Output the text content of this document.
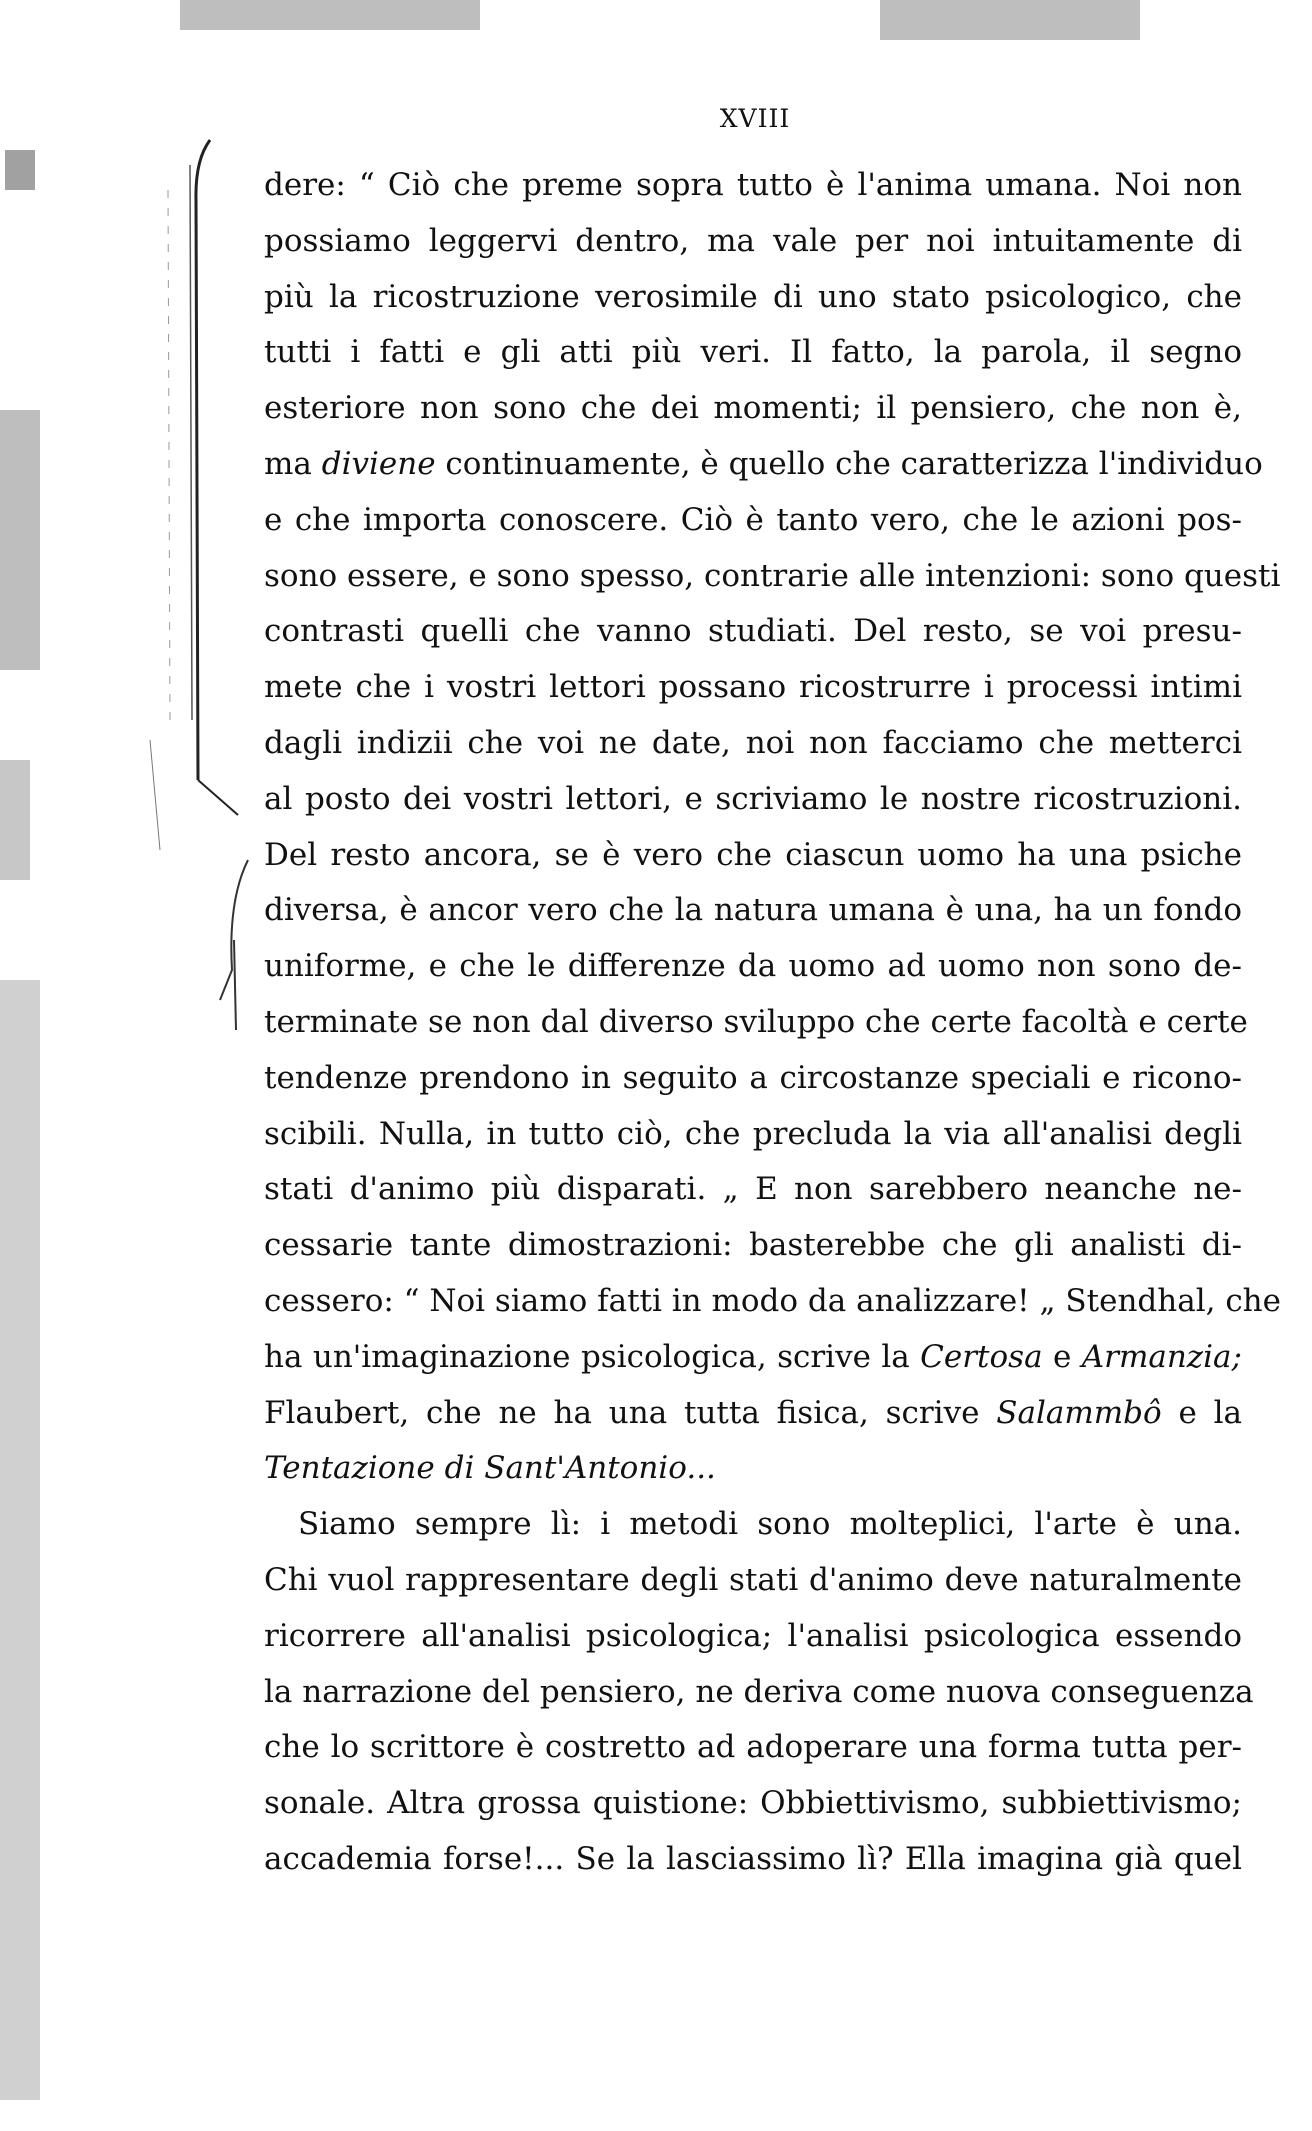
XVIII
dere: “ Ciò che preme sopra tutto è l'anima umana. Noi non
possiamo leggervi dentro, ma vale per noi intuitamente di
più la ricostruzione verosimile di uno stato psicologico, che
tutti i fatti e gli atti più veri. Il fatto, la parola, il segno
esteriore non sono che dei momenti; il pensiero, che non è,
ma diviene continuamente, è quello che caratterizza l'individuo
e che importa conoscere. Ciò è tanto vero, che le azioni pos-
sono essere, e sono spesso, contrarie alle intenzioni: sono questi
contrasti quelli che vanno studiati. Del resto, se voi presu-
mete che i vostri lettori possano ricostrurre i processi intimi
dagli indizii che voi ne date, noi non facciamo che metterci
al posto dei vostri lettori, e scriviamo le nostre ricostruzioni.
Del resto ancora, se è vero che ciascun uomo ha una psiche
diversa, è ancor vero che la natura umana è una, ha un fondo
uniforme, e che le differenze da uomo ad uomo non sono de-
terminate se non dal diverso sviluppo che certe facoltà e certe
tendenze prendono in seguito a circostanze speciali e ricono-
scibili. Nulla, in tutto ciò, che precluda la via all'analisi degli
stati d'animo più disparati. „ E non sarebbero neanche ne-
cessarie tante dimostrazioni: basterebbe che gli analisti di-
cessero: “ Noi siamo fatti in modo da analizzare! „ Stendhal, che
ha un'imaginazione psicologica, scrive la Certosa e Armanzia;
Flaubert, che ne ha una tutta fisica, scrive Salammbô e la
Tentazione di Sant'Antonio...
Siamo sempre lì: i metodi sono molteplici, l'arte è una.
Chi vuol rappresentare degli stati d'animo deve naturalmente
ricorrere all'analisi psicologica; l'analisi psicologica essendo
la narrazione del pensiero, ne deriva come nuova conseguenza
che lo scrittore è costretto ad adoperare una forma tutta per-
sonale. Altra grossa quistione: Obbiettivismo, subbiettivismo;
accademia forse!... Se la lasciassimo lì? Ella imagina già quel
